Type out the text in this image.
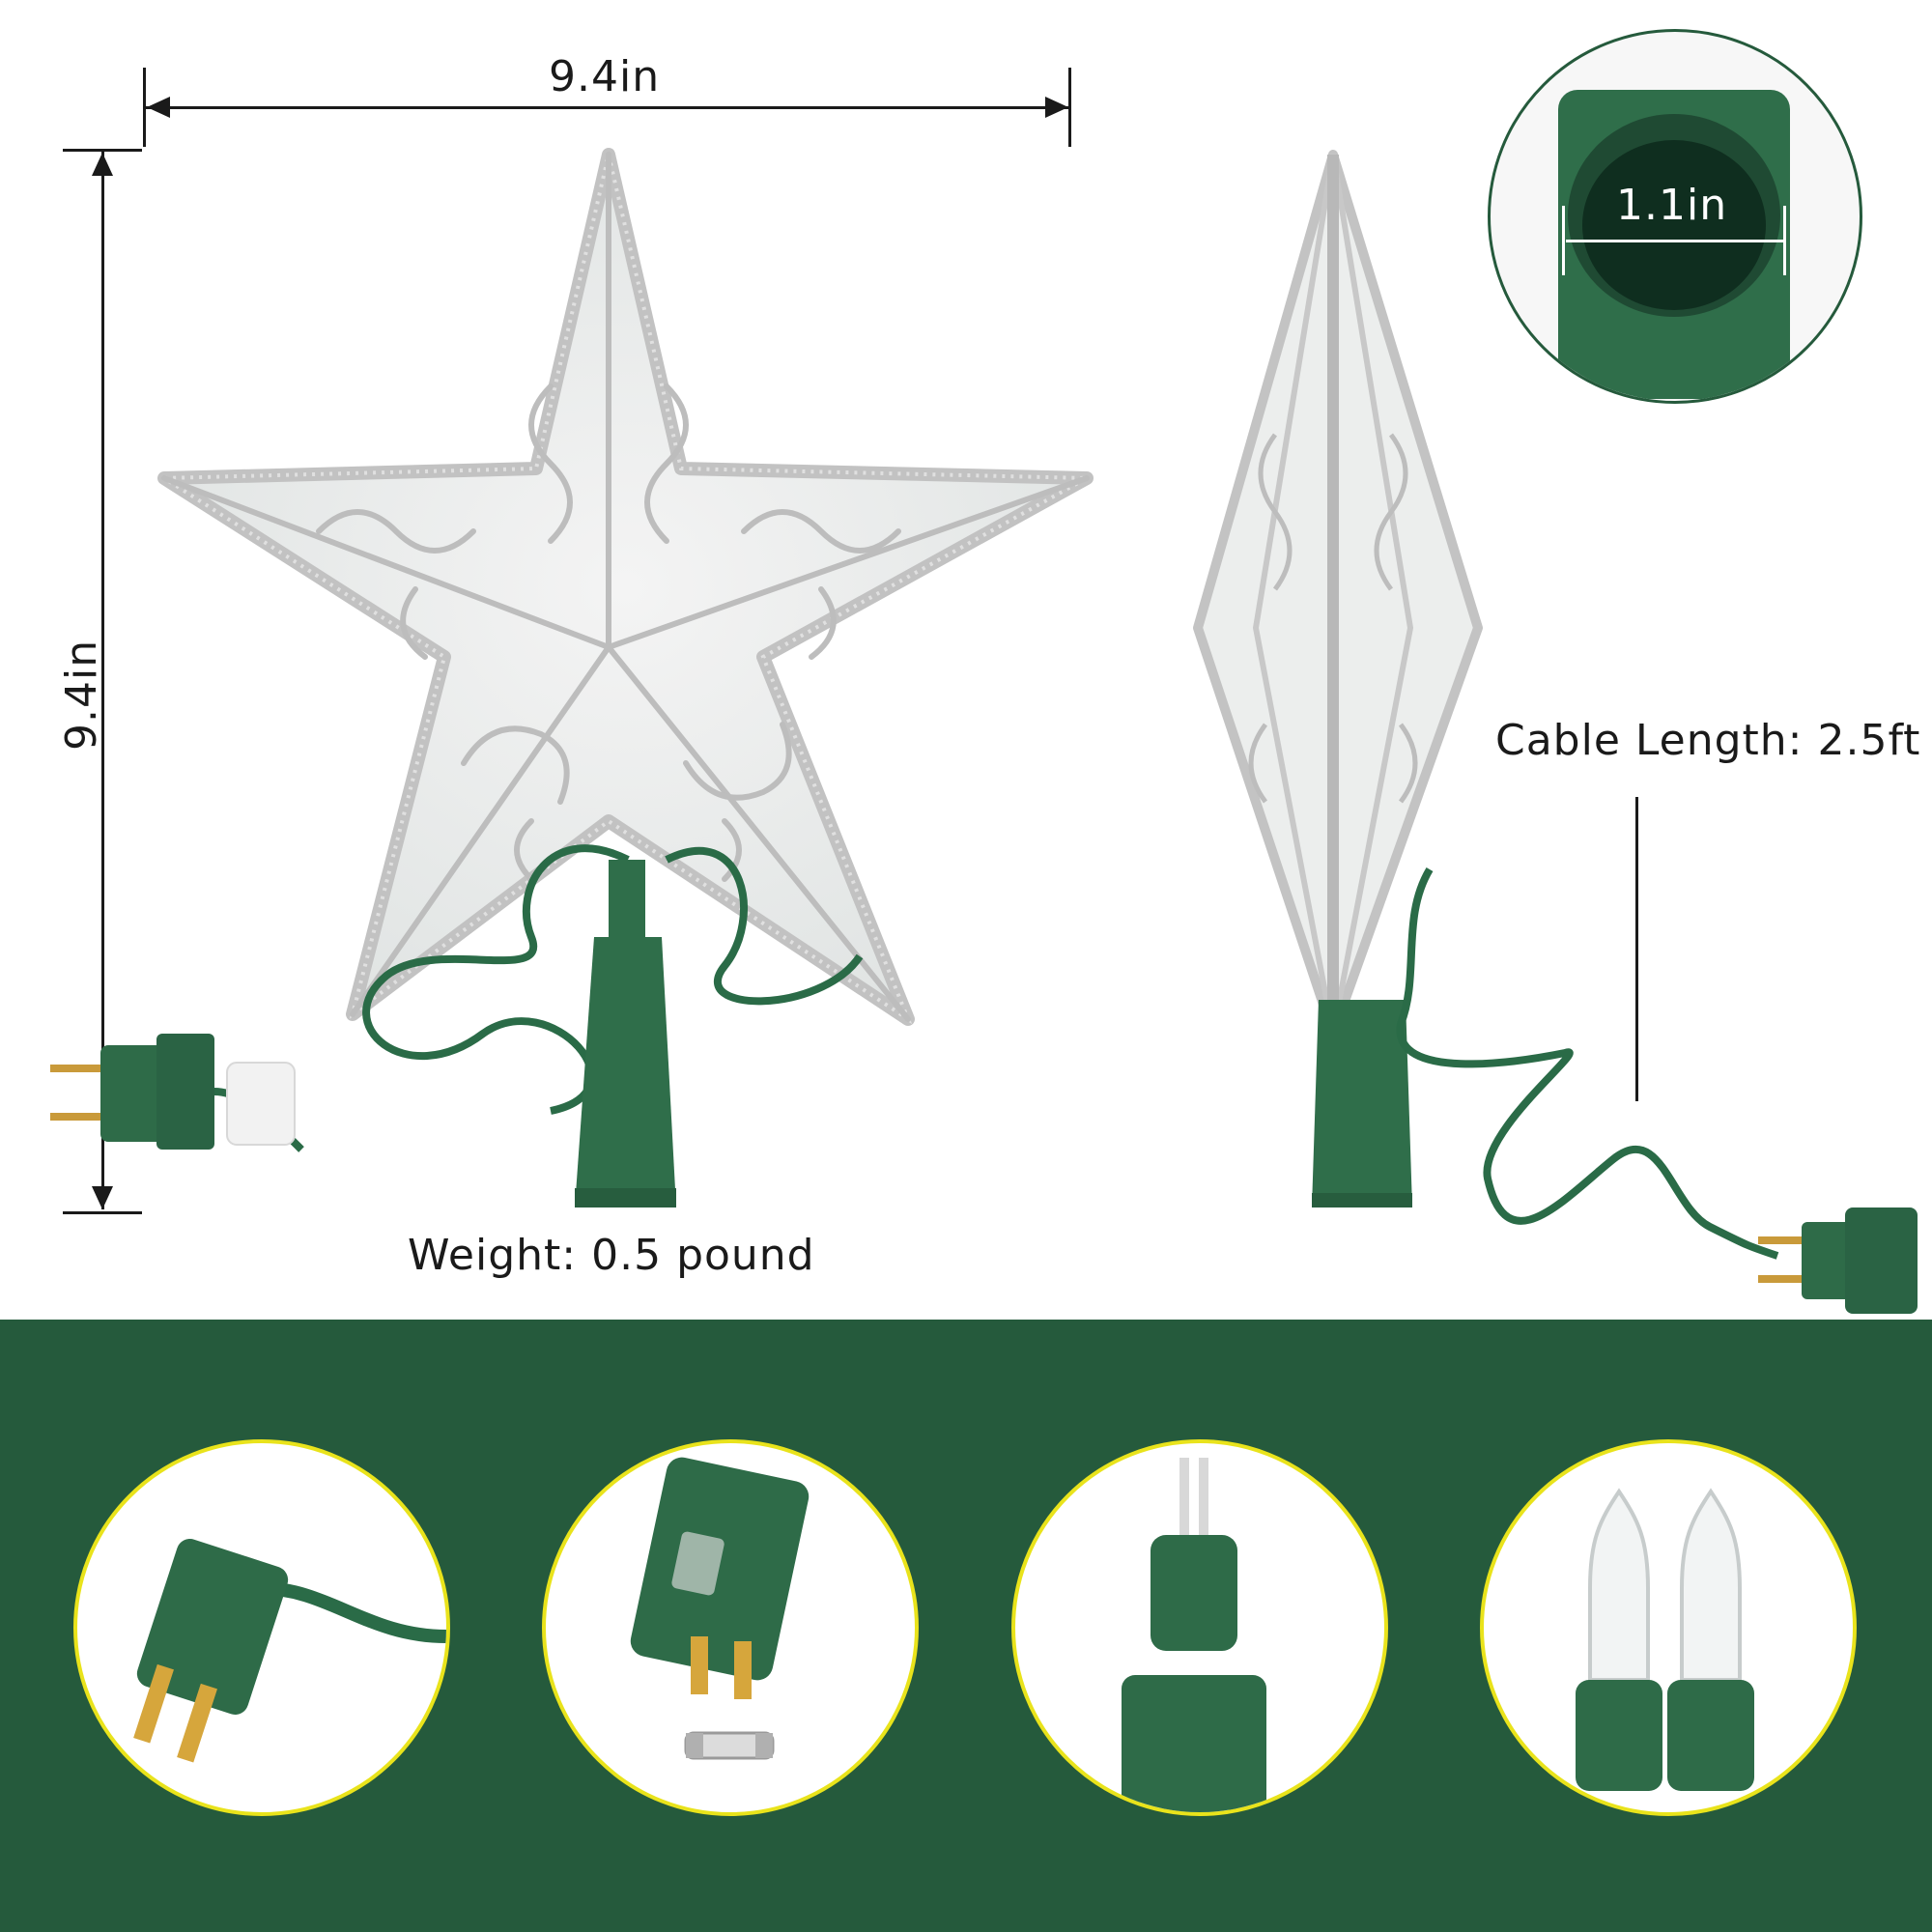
9.4in
9.4in
Weight: 0.5 pound
Cable Length: 2.5ft
1.1in
